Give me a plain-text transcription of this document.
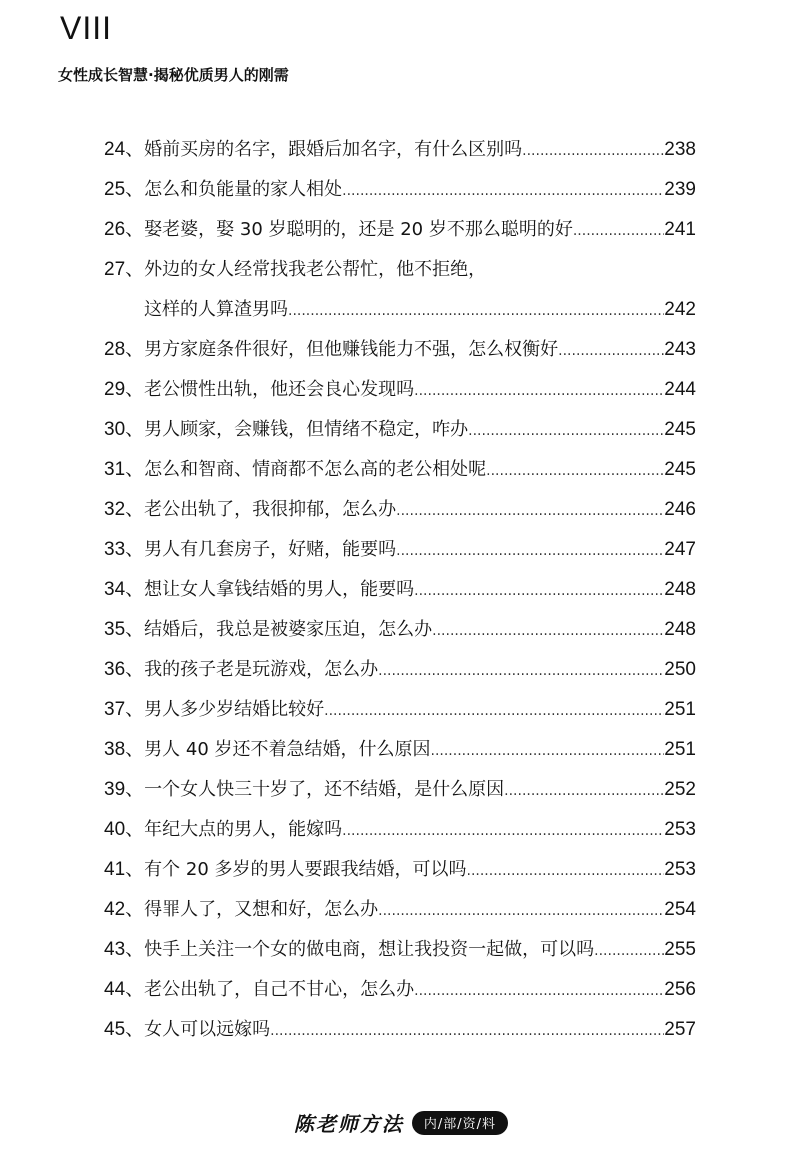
VIII
女性成长智慧·揭秘优质男人的刚需
24、 婚前买房的名字，跟婚后加名字，有什么区别吗 .....	238
25、 怎么和负能量的家人相处 .....	239
26、 娶老婆，娶 30 岁聪明的，还是 20 岁不那么聪明的好 .....	241
27、 外边的女人经常找我老公帮忙，他不拒绝，
这样的人算渣男吗 .....	242
28、 男方家庭条件很好，但他赚钱能力不强，怎么权衡好 .....	243
29、 老公惯性出轨，他还会良心发现吗 .....	244
30、 男人顾家，会赚钱，但情绪不稳定，咋办 .....	245
31、 怎么和智商、情商都不怎么高的老公相处呢 .....	245
32、 老公出轨了，我很抑郁，怎么办 .....	246
33、 男人有几套房子，好赌，能要吗 .....	247
34、 想让女人拿钱结婚的男人，能要吗 .....	248
35、 结婚后，我总是被婆家压迫，怎么办 .....	248
36、 我的孩子老是玩游戏，怎么办 .....	250
37、 男人多少岁结婚比较好 .....	251
38、 男人 40 岁还不着急结婚，什么原因 .....	251
39、 一个女人快三十岁了，还不结婚，是什么原因 .....	252
40、 年纪大点的男人，能嫁吗 .....	253
41、 有个 20 多岁的男人要跟我结婚，可以吗 .....	253
42、 得罪人了，又想和好，怎么办 .....	254
43、 快手上关注一个女的做电商，想让我投资一起做，可以吗 .....	255
44、 老公出轨了，自己不甘心，怎么办 .....	256
45、 女人可以远嫁吗 .....	257
陈老师方法	内/部/资/料
